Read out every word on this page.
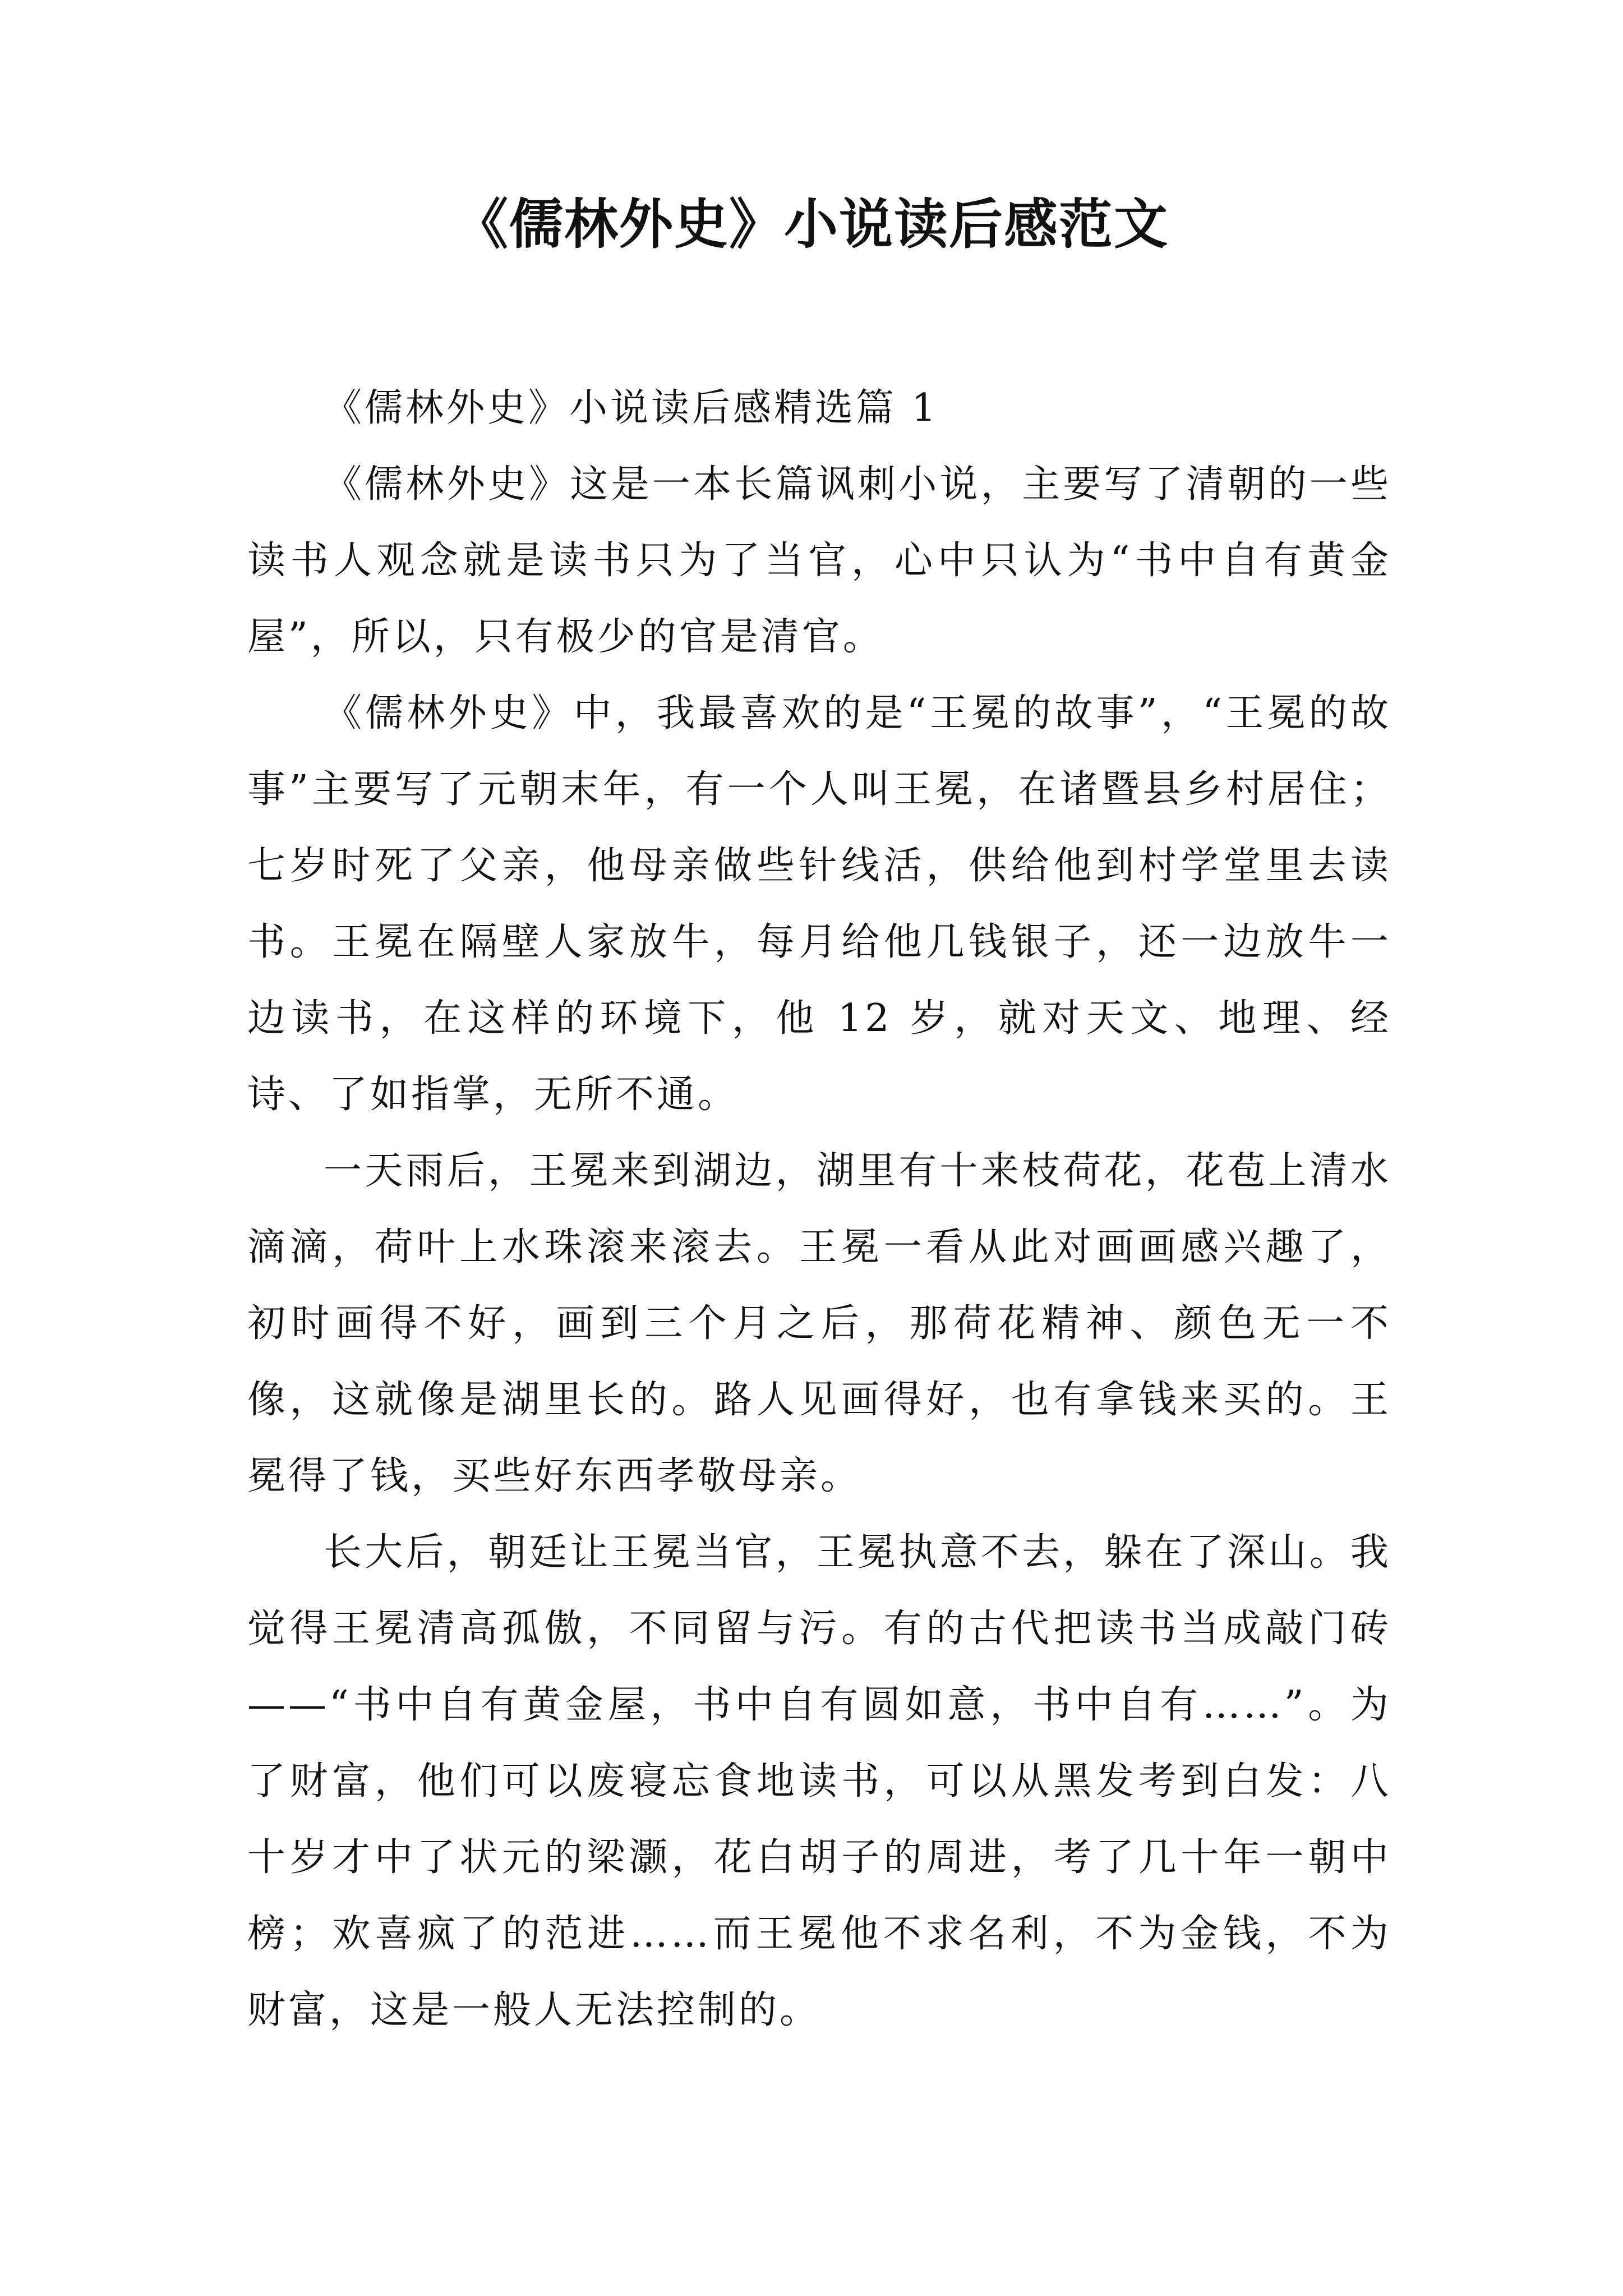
《儒林外史》小说读后感范文

《儒林外史》小说读后感精选篇 1

《儒林外史》这是一本长篇讽刺小说，主要写了清朝的一些读书人观念就是读书只为了当官，心中只认为“书中自有黄金屋”，所以，只有极少的官是清官。

《儒林外史》中，我最喜欢的是“王冕的故事”，“王冕的故事”主要写了元朝末年，有一个人叫王冕，在诸暨县乡村居住；七岁时死了父亲，他母亲做些针线活，供给他到村学堂里去读书。王冕在隔壁人家放牛，每月给他几钱银子，还一边放牛一边读书，在这样的环境下，他 12 岁，就对天文、地理、经诗、了如指掌，无所不通。

一天雨后，王冕来到湖边，湖里有十来枝荷花，花苞上清水滴滴，荷叶上水珠滚来滚去。王冕一看从此对画画感兴趣了，初时画得不好，画到三个月之后，那荷花精神、颜色无一不像，这就像是湖里长的。路人见画得好，也有拿钱来买的。王冕得了钱，买些好东西孝敬母亲。

长大后，朝廷让王冕当官，王冕执意不去，躲在了深山。我觉得王冕清高孤傲，不同留与污。有的古代把读书当成敲门砖——“书中自有黄金屋，书中自有圆如意，书中自有……”。为了财富，他们可以废寝忘食地读书，可以从黑发考到白发：八十岁才中了状元的梁灏，花白胡子的周进，考了几十年一朝中榜；欢喜疯了的范进……而王冕他不求名利，不为金钱，不为财富，这是一般人无法控制的。
